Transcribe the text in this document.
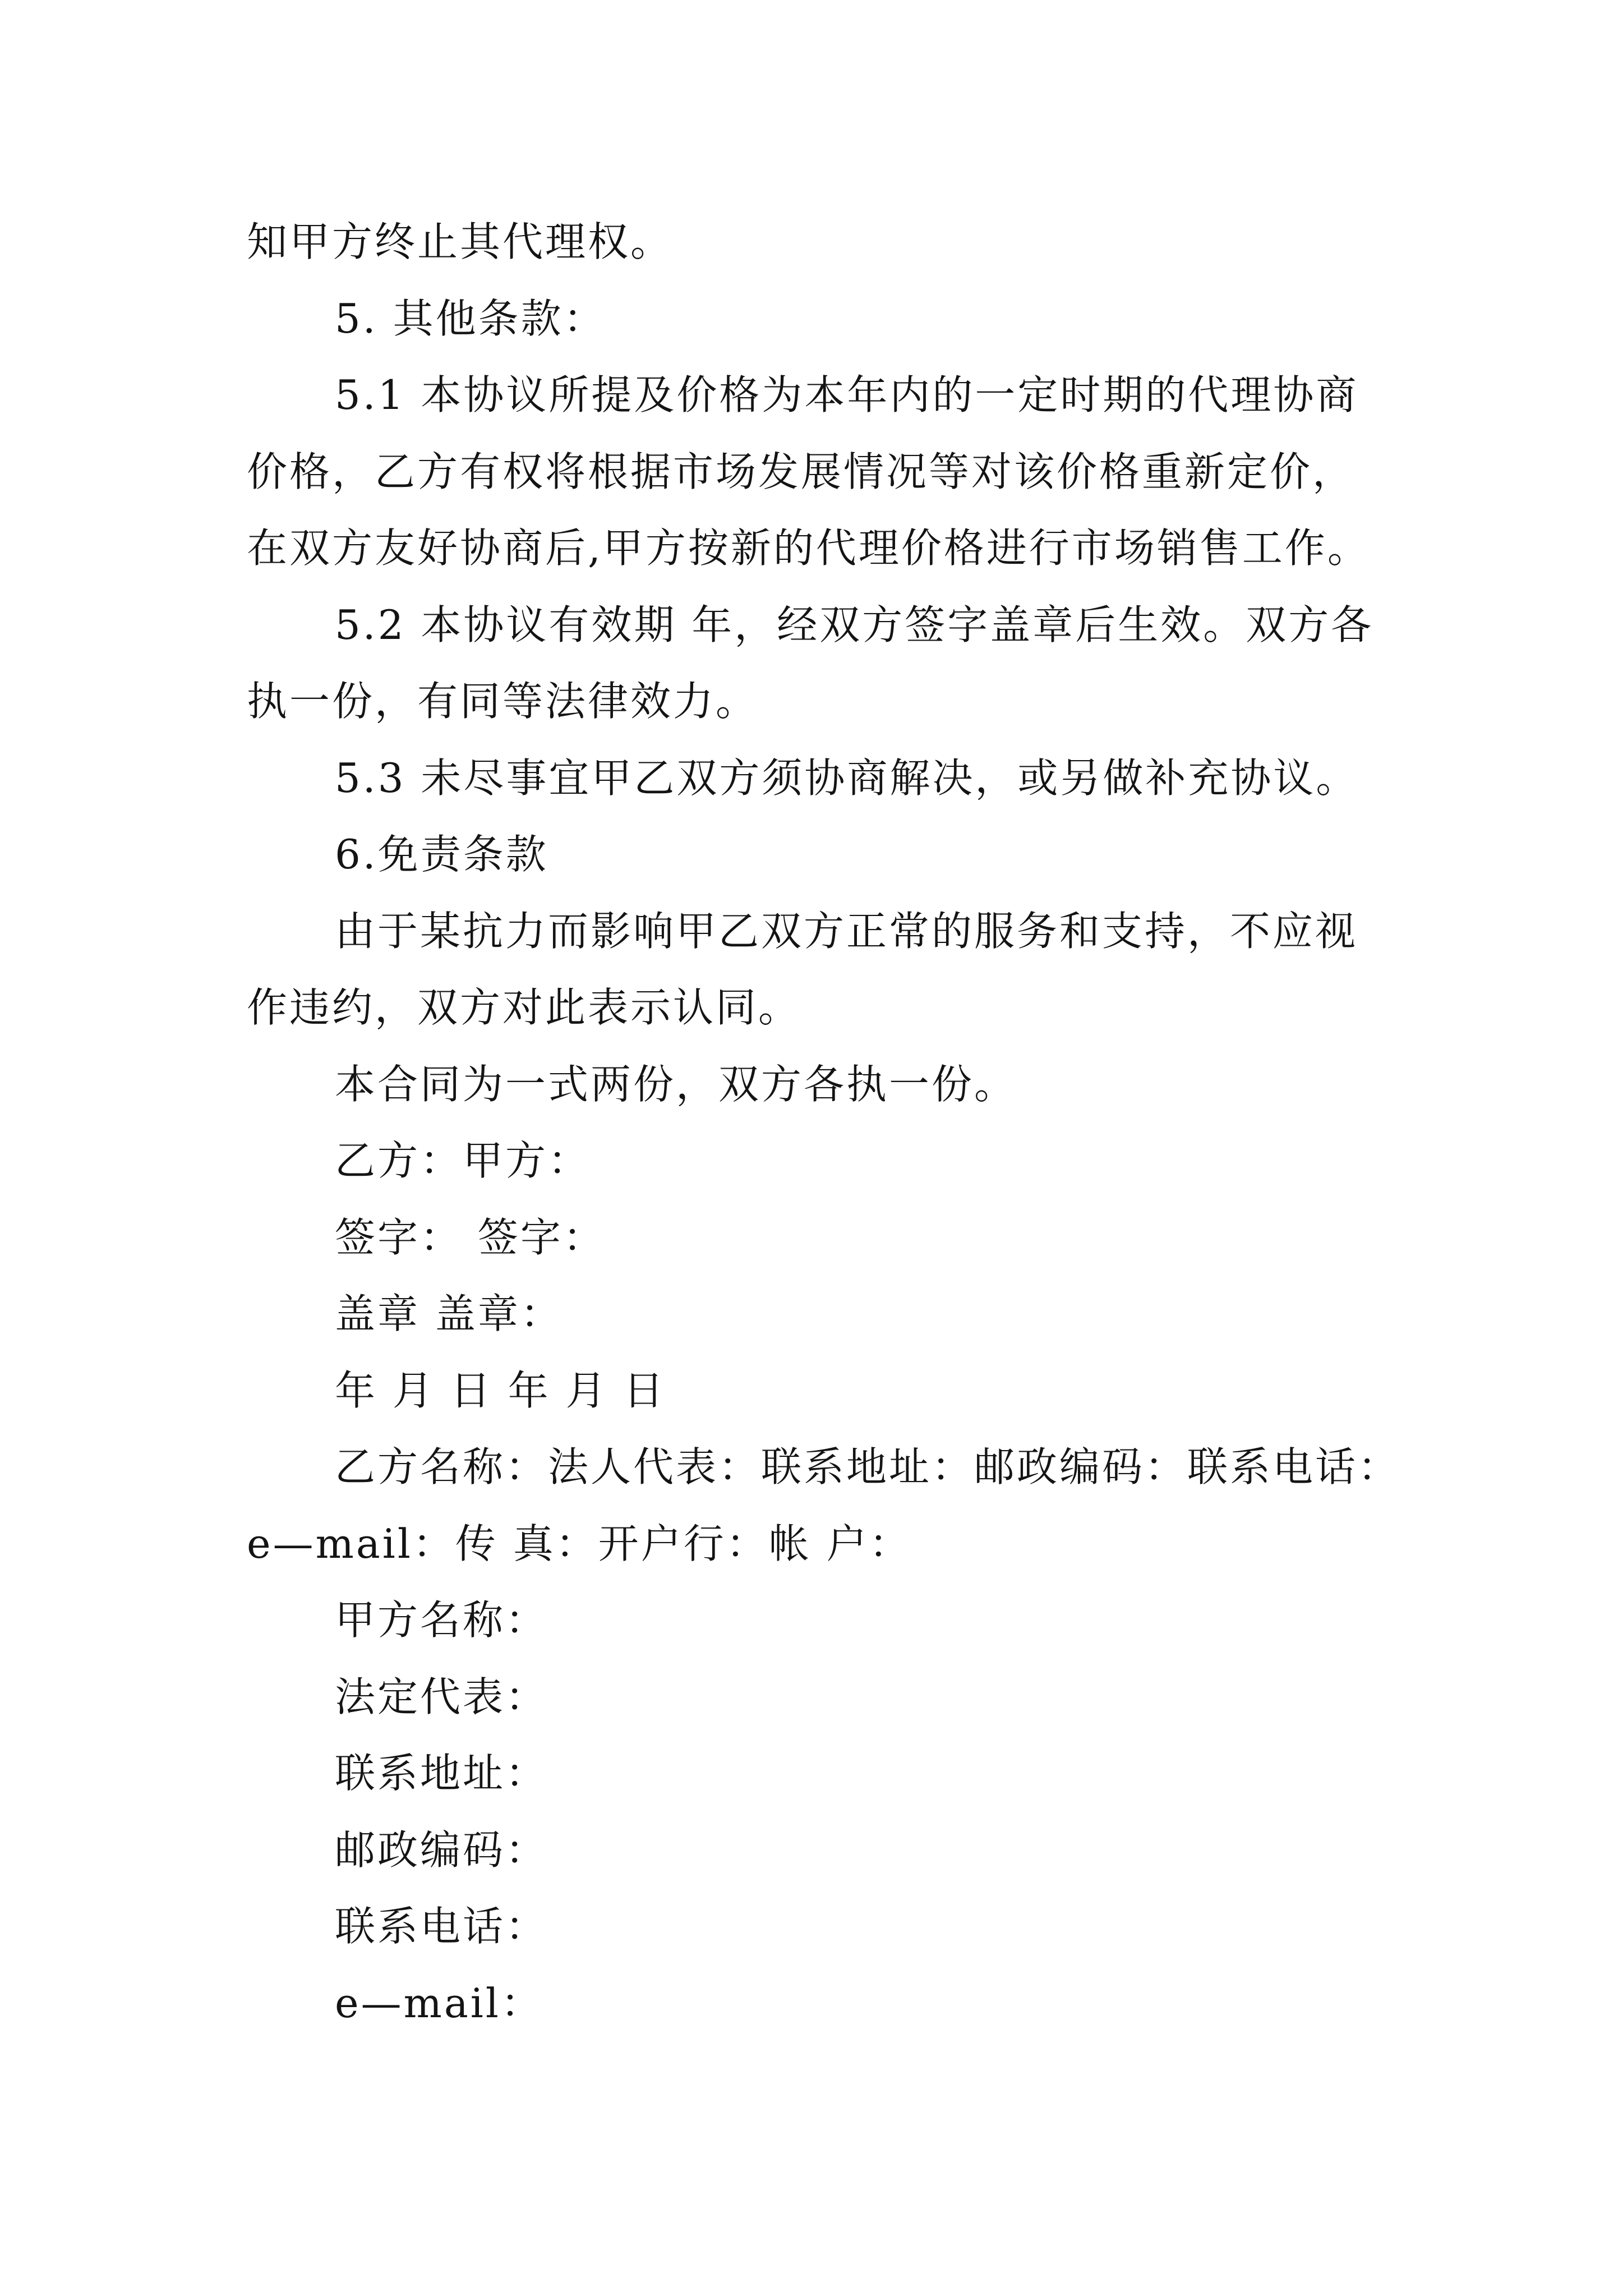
知甲方终止其代理权。
5. 其他条款：
5.1 本协议所提及价格为本年内的一定时期的代理协商
价格，乙方有权将根据市场发展情况等对该价格重新定价，
在双方友好协商后,甲方按新的代理价格进行市场销售工作。
5.2 本协议有效期 年，经双方签字盖章后生效。双方各
执一份，有同等法律效力。
5.3 未尽事宜甲乙双方须协商解决，或另做补充协议。
6.免责条款
由于某抗力而影响甲乙双方正常的服务和支持，不应视
作违约，双方对此表示认同。
本合同为一式两份，双方各执一份。
乙方：甲方：
签字： 签字：
盖章 盖章：
年 月 日 年 月 日
乙方名称：法人代表：联系地址：邮政编码：联系电话：
e—mail：传 真：开户行：帐 户：
甲方名称：
法定代表：
联系地址：
邮政编码：
联系电话：
e—mail：
